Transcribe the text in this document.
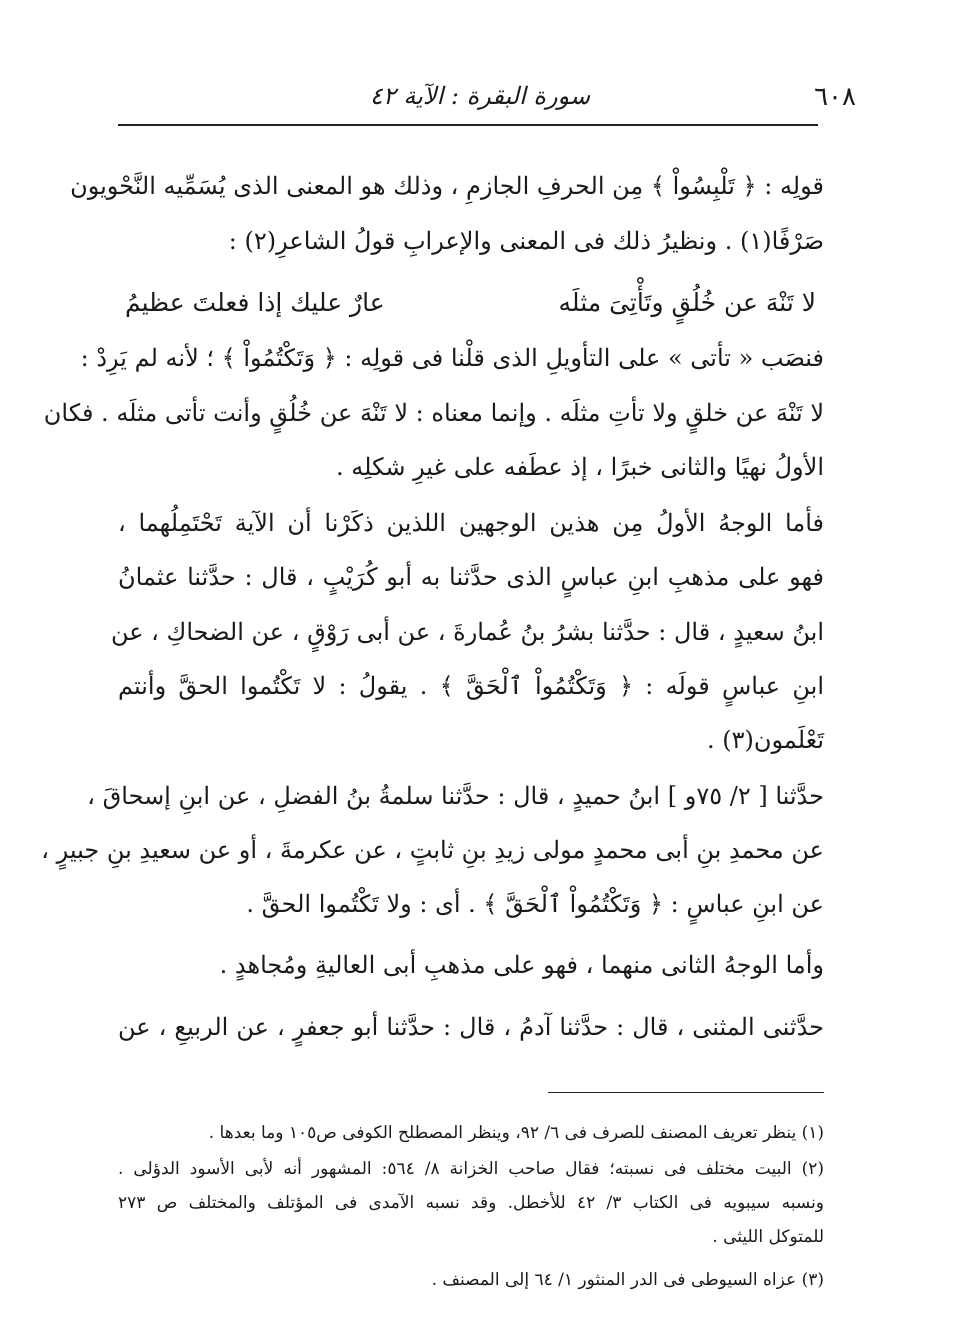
٦٠٨
سورة البقرة : الآية ٤٢
قولِه : ﴿ تَلْبِسُواْ ﴾ مِن الحرفِ الجازمِ ، وذلك هو المعنى الذى يُسَمِّيه النَّحْويون
صَرْفًا(١) . ونظيرُ ذلك فى المعنى والإعرابِ قولُ الشاعرِ(٢) :
فنصَب « تأتى » على التأويلِ الذى قلْنا فى قولِه : ﴿ وَتَكْتُمُواْ ﴾ ؛ لأنه لم يَرِدْ :
لا تَنْهَ عن خلقٍ ولا تأتِ مثلَه . وإنما معناه : لا تَنْهَ عن خُلُقٍ وأنت تأتى مثلَه . فكان
الأولُ نهيًا والثانى خبرًا ، إذ عطَفه على غيرِ شكلِه .
فأما الوجهُ الأولُ مِن هذين الوجهين اللذين ذكَرْنا أن الآية تَحْتَمِلُهما ،
فهو على مذهبِ ابنِ عباسٍ الذى حدَّثنا به أبو كُرَيْبٍ ، قال : حدَّثنا عثمانُ
ابنُ سعيدٍ ، قال : حدَّثنا بشرُ بنُ عُمارةَ ، عن أبى رَوْقٍ ، عن الضحاكِ ، عن
ابنِ عباسٍ قولَه : ﴿ وَتَكْتُمُواْ ٱلْحَقَّ ﴾ . يقولُ : لا تَكْتُموا الحقَّ وأنتم
تَعْلَمون(٣) .
حدَّثنا [ ٢/ ٧٥و ] ابنُ حميدٍ ، قال : حدَّثنا سلمةُ بنُ الفضلِ ، عن ابنِ إسحاقَ ،
عن محمدِ بنِ أبى محمدٍ مولى زيدِ بنِ ثابتٍ ، عن عكرمةَ ، أو عن سعيدِ بنِ جبيرٍ ،
عن ابنِ عباسٍ : ﴿ وَتَكْتُمُواْ ٱلْحَقَّ ﴾ . أى : ولا تَكْتُموا الحقَّ .
وأما الوجهُ الثانى منهما ، فهو على مذهبِ أبى العاليةِ ومُجاهدٍ .
حدَّثنى المثنى ، قال : حدَّثنا آدمُ ، قال : حدَّثنا أبو جعفرٍ ، عن الربيعِ ، عن
لا تَنْهَ عن خُلُقٍ وتَأْتِىَ مثلَه
عارٌ عليك إذا فعلتَ عظيمُ
(١) ينظر تعريف المصنف للصرف فى ٦/ ٩٢، وينظر المصطلح الكوفى ص١٠٥ وما بعدها .
(٢) البيت مختلف فى نسبته؛ فقال صاحب الخزانة ٨/ ٥٦٤: المشهور أنه لأبى الأسود الدؤلى .
ونسبه سيبويه فى الكتاب ٣/ ٤٢ للأخطل. وقد نسبه الآمدى فى المؤتلف والمختلف ص ٢٧٣
للمتوكل الليثى .
(٣) عزاه السيوطى فى الدر المنثور ١/ ٦٤ إلى المصنف .
